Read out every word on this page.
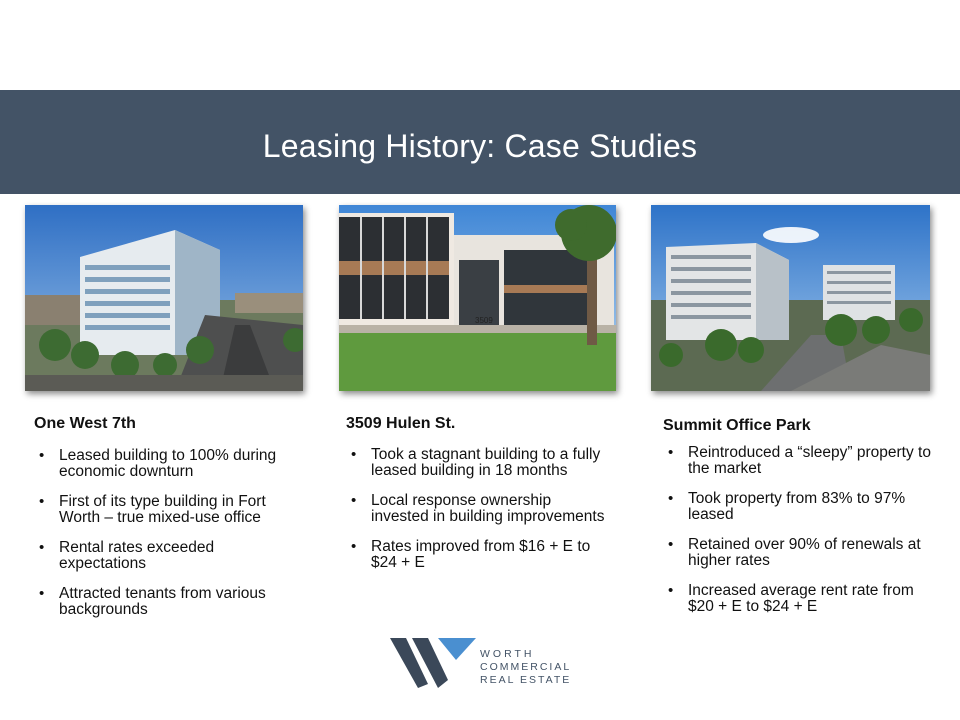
Leasing History: Case Studies
3509
One West 7th
• Leased building to 100% during economic downturn
• First of its type building in Fort Worth – true mixed-use office
• Rental rates exceeded expectations
• Attracted tenants from various backgrounds
3509 Hulen St.
• Took a stagnant building to a fully leased building in 18 months
• Local response ownership invested in building improvements
• Rates improved from $16 + E to $24 + E
Summit Office Park
• Reintroduced a “sleepy” property to the market
• Took property from 83% to 97% leased
• Retained over 90% of renewals at higher rates
• Increased average rent rate from $20 + E to $24 + E
WORTH
COMMERCIAL
REAL ESTATE
